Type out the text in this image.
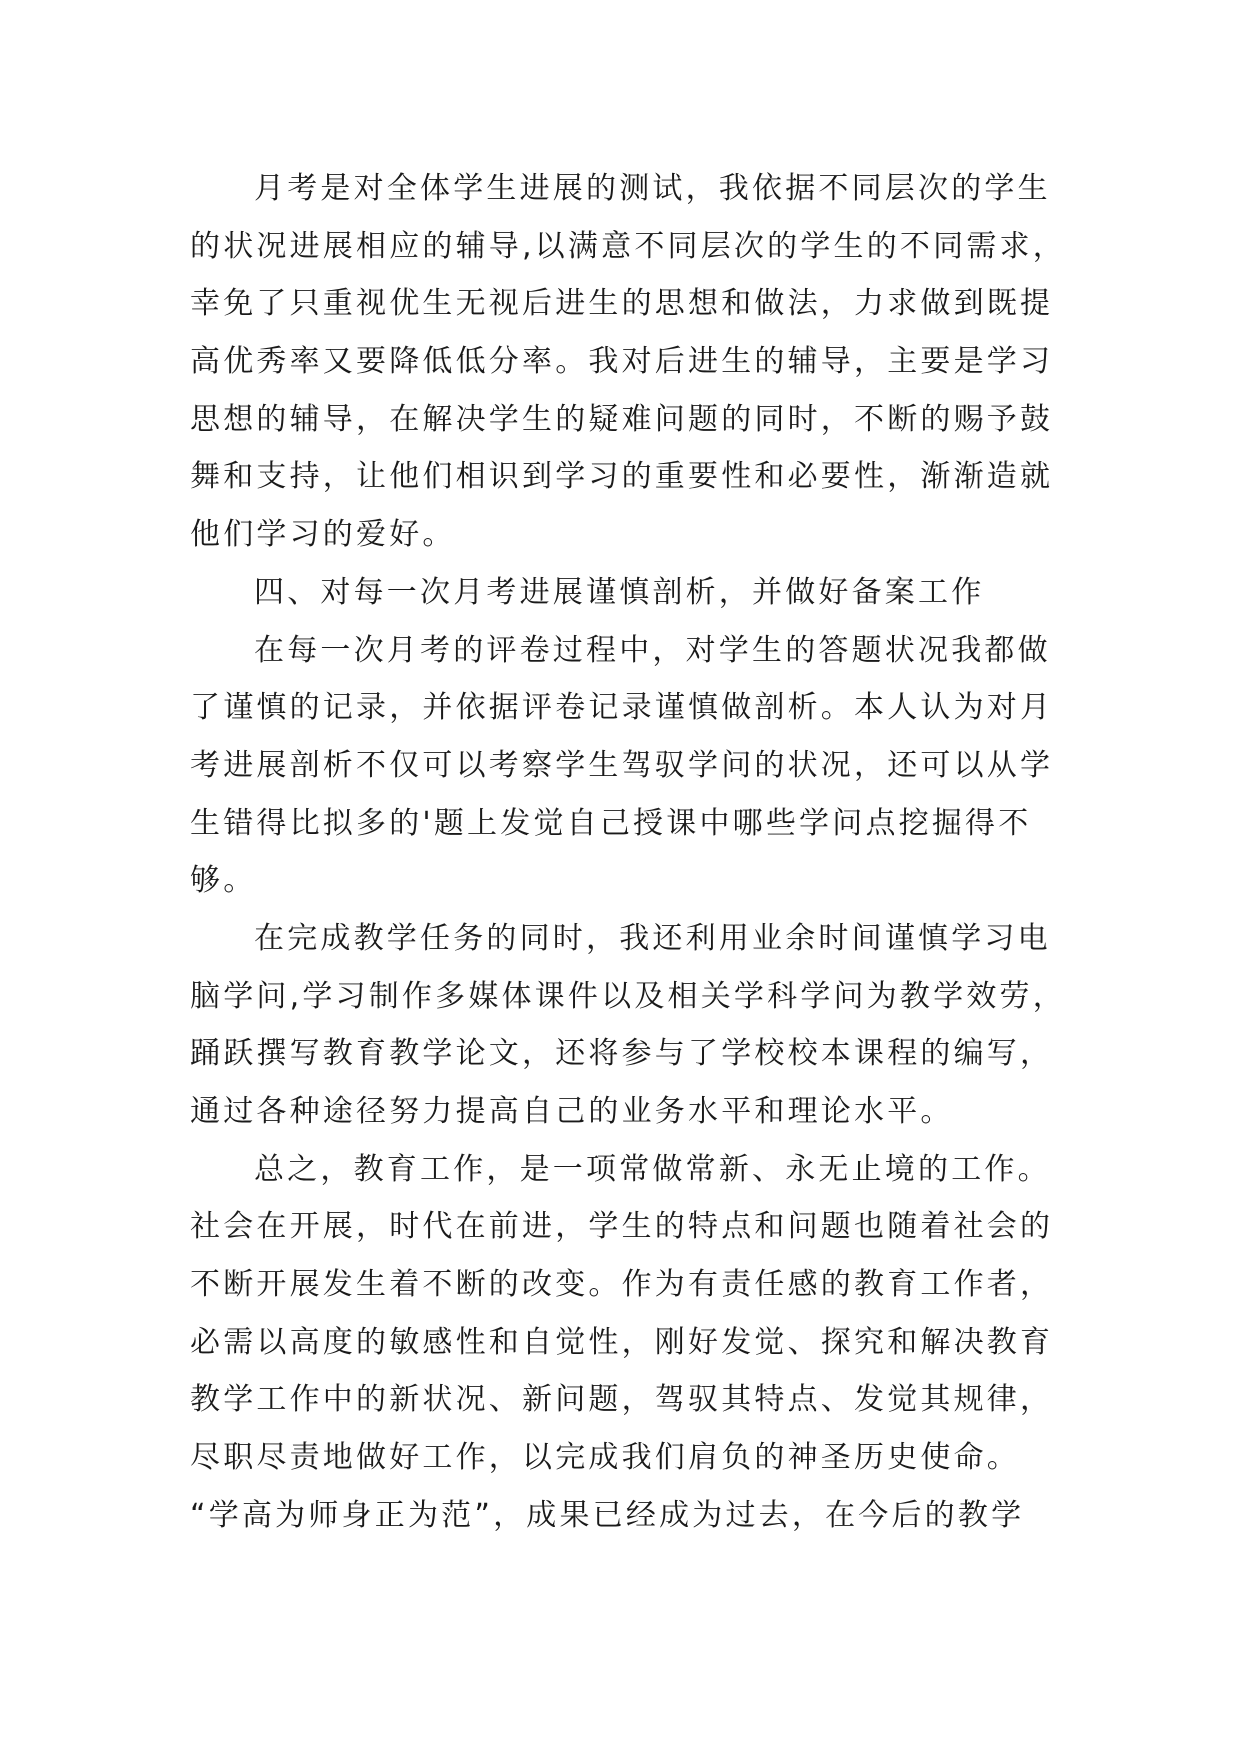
月考是对全体学生进展的测试，我依据不同层次的学生
的状况进展相应的辅导,以满意不同层次的学生的不同需求，
幸免了只重视优生无视后进生的思想和做法，力求做到既提
高优秀率又要降低低分率。我对后进生的辅导，主要是学习
思想的辅导，在解决学生的疑难问题的同时，不断的赐予鼓
舞和支持，让他们相识到学习的重要性和必要性，渐渐造就
他们学习的爱好。
四、对每一次月考进展谨慎剖析，并做好备案工作
在每一次月考的评卷过程中，对学生的答题状况我都做
了谨慎的记录，并依据评卷记录谨慎做剖析。本人认为对月
考进展剖析不仅可以考察学生驾驭学问的状况，还可以从学
生错得比拟多的'题上发觉自己授课中哪些学问点挖掘得不
够。
在完成教学任务的同时，我还利用业余时间谨慎学习电
脑学问,学习制作多媒体课件以及相关学科学问为教学效劳，
踊跃撰写教育教学论文，还将参与了学校校本课程的编写，
通过各种途径努力提高自己的业务水平和理论水平。
总之，教育工作，是一项常做常新、永无止境的工作。
社会在开展，时代在前进，学生的特点和问题也随着社会的
不断开展发生着不断的改变。作为有责任感的教育工作者，
必需以高度的敏感性和自觉性，刚好发觉、探究和解决教育
教学工作中的新状况、新问题，驾驭其特点、发觉其规律，
尽职尽责地做好工作，以完成我们肩负的神圣历史使命。
“学高为师身正为范”，成果已经成为过去，在今后的教学
